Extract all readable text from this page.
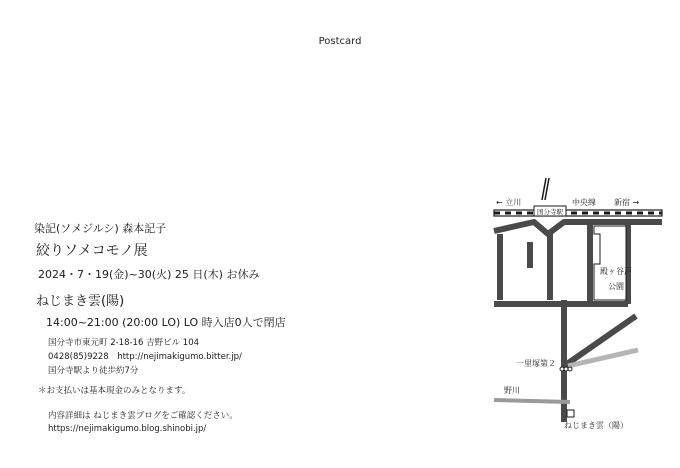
Postcard
染記(ソメジルシ) 森本記子
絞りソメコモノ展
2024・7・19(金)~30(火) 25 日(木) お休み
ねじまき雲(陽)
14:00~21:00 (20:00 LO) LO 時入店0人で閉店
国分寺市東元町 2-18-16 吉野ビル 104
0428(85)9228　http://nejimakigumo.bitter.jp/
国分寺駅より徒歩約7分
＊お支払いは基本現金のみとなります。
内容詳細は ねじまき雲ブログをご確認ください。
https://nejimakigumo.blog.shinobi.jp/
国分寺駅
← 立川	中央線 新宿 →
殿ヶ谷戸
公園
一里塚第２
野川
ねじまき雲（陽）
